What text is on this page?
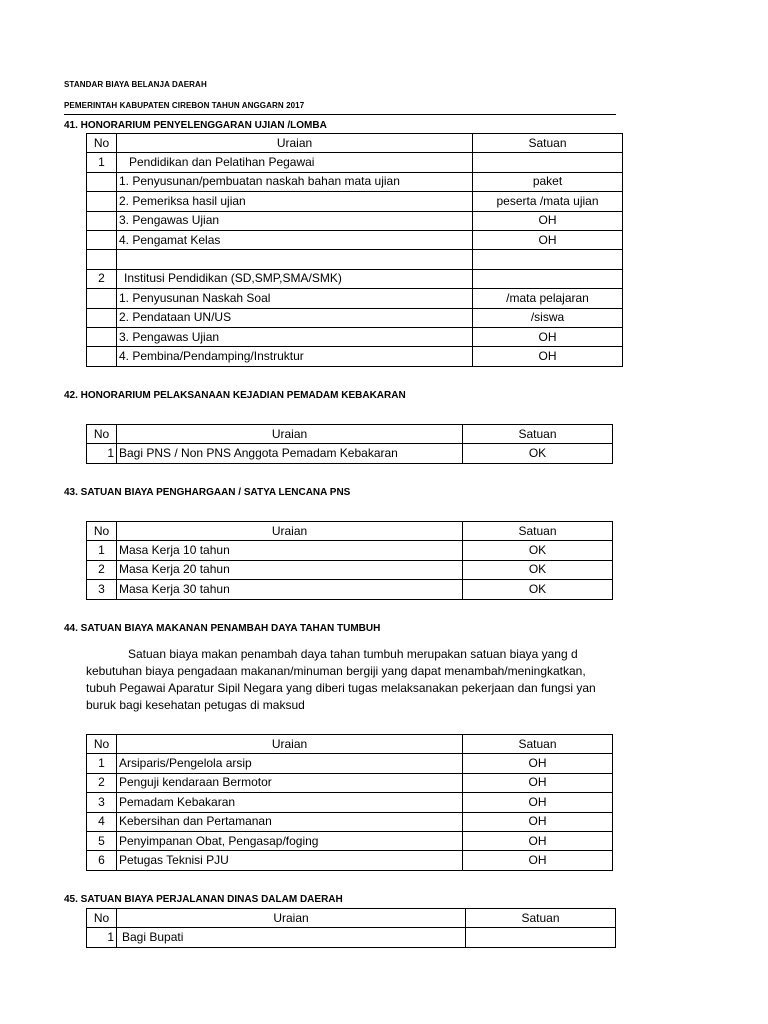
STANDAR BIAYA BELANJA DAERAH
PEMERINTAH KABUPATEN CIREBON TAHUN ANGGARN 2017
41. HONORARIUM PENYELENGGARAN UJIAN /LOMBA
No	Uraian	Satuan
1	Pendidikan dan Pelatihan Pegawai	
	1. Penyusunan/pembuatan naskah bahan mata ujian	paket
	2. Pemeriksa hasil ujian	peserta /mata ujian
	3. Pengawas Ujian	OH
	4. Pengamat Kelas	OH

2	Institusi Pendidikan (SD,SMP,SMA/SMK)	
	1. Penyusunan Naskah Soal	/mata pelajaran
	2. Pendataan UN/US	/siswa
	3. Pengawas Ujian	OH
	4. Pembina/Pendamping/Instruktur	OH
42. HONORARIUM PELAKSANAAN KEJADIAN PEMADAM KEBAKARAN
No	Uraian	Satuan
1	Bagi PNS / Non PNS Anggota Pemadam Kebakaran	OK
43. SATUAN BIAYA PENGHARGAAN / SATYA LENCANA PNS
No	Uraian	Satuan
1	Masa Kerja 10 tahun	OK
2	Masa Kerja 20 tahun	OK
3	Masa Kerja 30 tahun	OK
44. SATUAN BIAYA MAKANAN PENAMBAH DAYA TAHAN TUMBUH
Satuan biaya makan penambah daya tahan tumbuh merupakan satuan biaya yang d
kebutuhan biaya pengadaan makanan/minuman bergiji yang dapat menambah/meningkatkan,
tubuh Pegawai Aparatur Sipil Negara yang diberi tugas melaksanakan pekerjaan dan fungsi yan
buruk bagi kesehatan petugas di maksud
No	Uraian	Satuan
1	Arsiparis/Pengelola arsip	OH
2	Penguji kendaraan Bermotor	OH
3	Pemadam Kebakaran	OH
4	Kebersihan dan Pertamanan	OH
5	Penyimpanan Obat, Pengasap/foging	OH
6	Petugas Teknisi PJU	OH
45. SATUAN BIAYA PERJALANAN DINAS DALAM DAERAH
No	Uraian	Satuan
1	Bagi Bupati	
